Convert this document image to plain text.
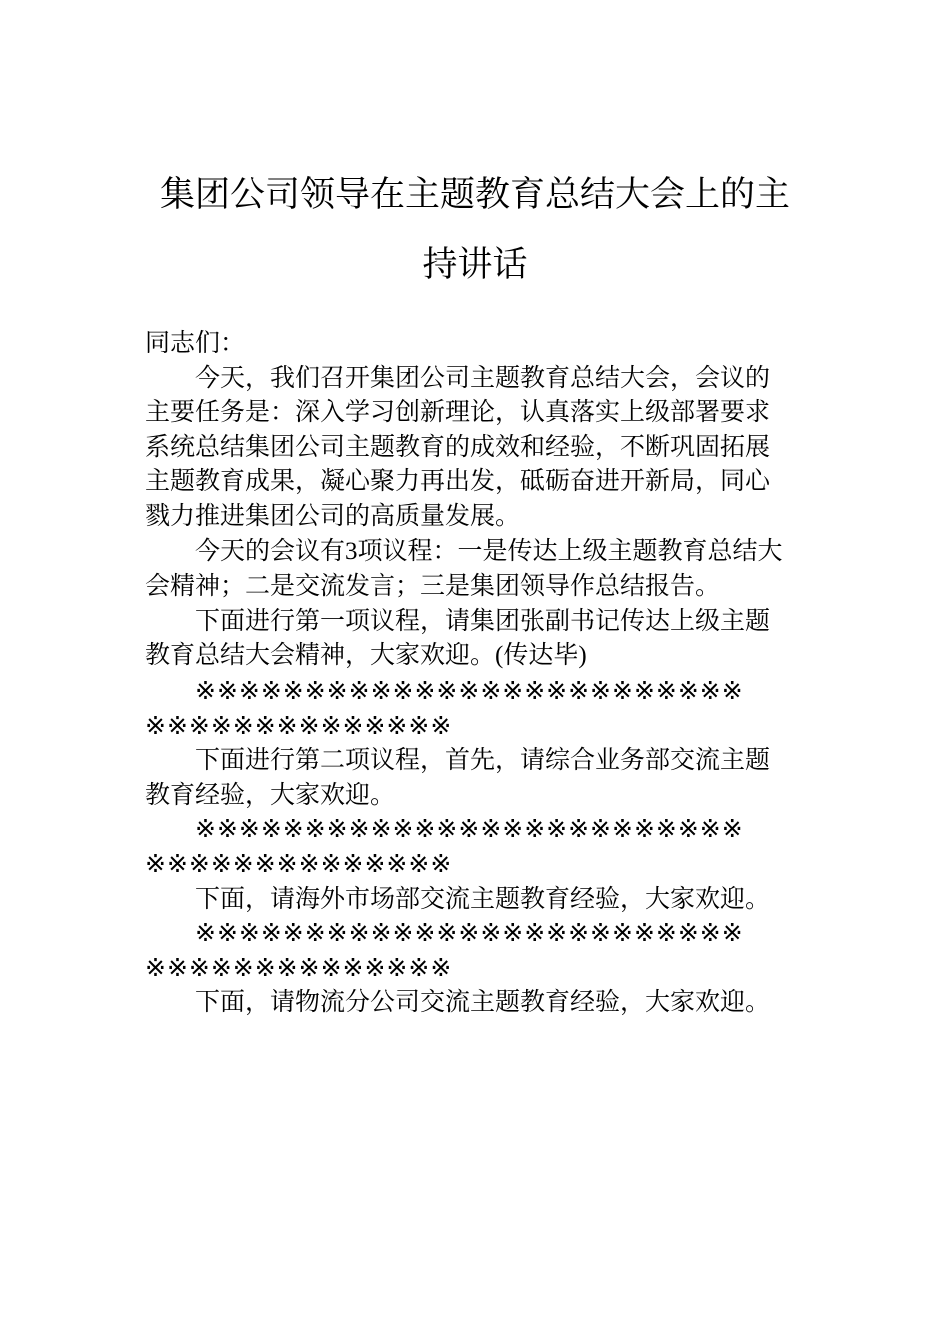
集团公司领导在主题教育总结大会上的主
持讲话

同志们：

今天，我们召开集团公司主题教育总结大会，会议的

主要任务是：深入学习创新理论，认真落实上级部署要求

系统总结集团公司主题教育的成效和经验，不断巩固拓展

主题教育成果，凝心聚力再出发，砥砺奋进开新局，同心

戮力推进集团公司的高质量发展。

今天的会议有3项议程：一是传达上级主题教育总结大

会精神；二是交流发言；三是集团领导作总结报告。

下面进行第一项议程，请集团张副书记传达上级主题

教育总结大会精神，大家欢迎。(传达毕)

※※※※※※※※※※※※※※※※※※※※※※※※※

※※※※※※※※※※※※※※

下面进行第二项议程，首先，请综合业务部交流主题

教育经验，大家欢迎。

※※※※※※※※※※※※※※※※※※※※※※※※※

※※※※※※※※※※※※※※

下面，请海外市场部交流主题教育经验，大家欢迎。

※※※※※※※※※※※※※※※※※※※※※※※※※

※※※※※※※※※※※※※※

下面，请物流分公司交流主题教育经验，大家欢迎。
